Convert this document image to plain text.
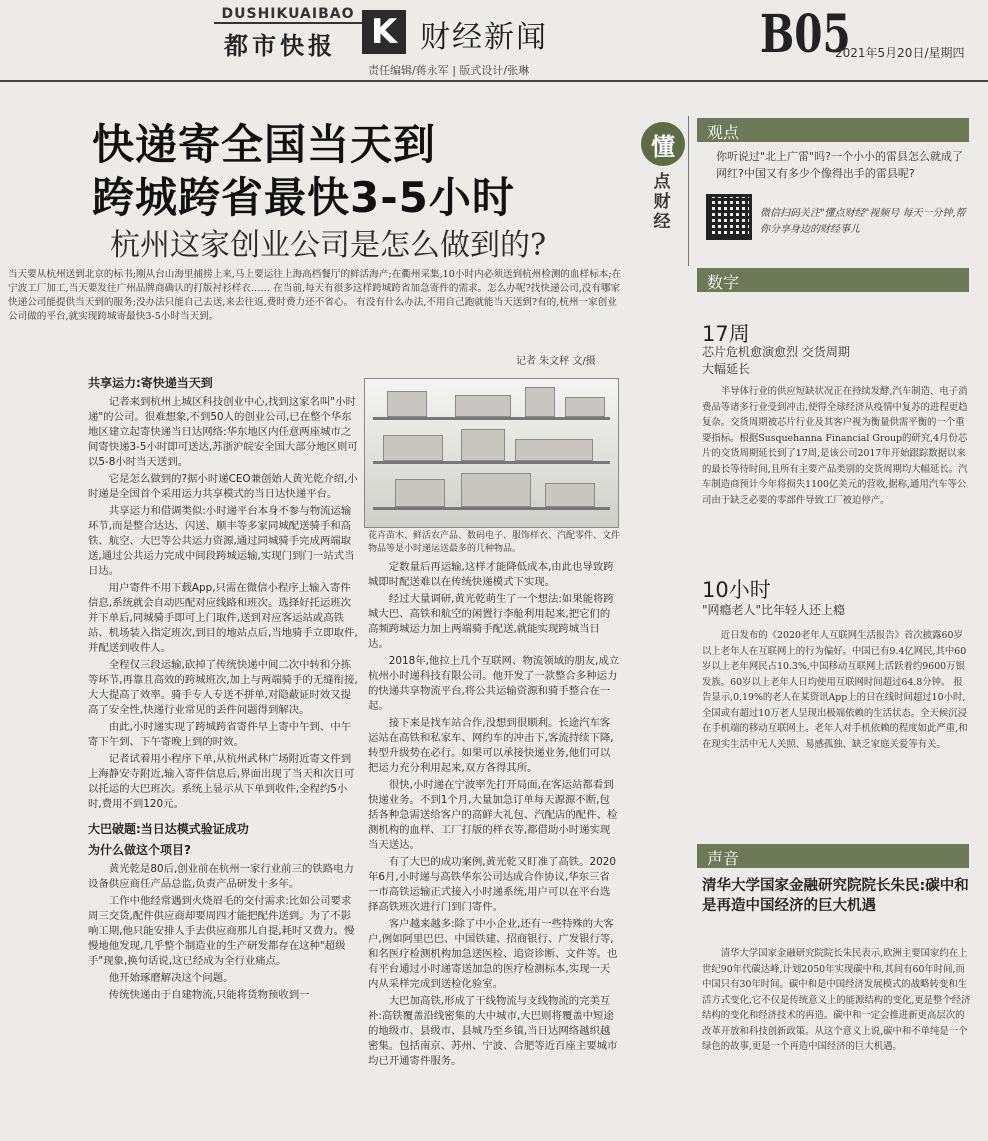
DUSHIKUAIBAO
都市快报 K 财经新闻	B05
2021年5月20日/星期四
责任编辑/蒋永军 | 版式设计/张琳
快递寄全国当天到
跨城跨省最快3-5小时
杭州这家创业公司是怎么做到的?
当天要从杭州送到北京的标书;刚从台山海里捕捞上来,马上要运往上海高档餐厅的鲜活海产;在衢州采集,10小时内必须送到杭州检测的血样标本;在宁波工厂加工,当天要发往广州品牌商确认的打版衬衫样衣…… 在当前,每天有很多这样跨城跨省加急寄件的需求。怎么办呢?找快递公司,没有哪家快递公司能提供当天到的服务;没办法只能自己去送,来去往返,费时费力还不省心。 有没有什么办法,不用自己跑就能当天送到?有的,杭州一家创业公司做的平台,就实现跨城寄最快3-5小时当天到。
记者 朱文秤 文/摄
共享运力:寄快递当天到

记者来到杭州上城区科技创业中心,找到这家名叫"小时递"的公司。很难想象,不到50人的创业公司,已在整个华东地区建立起寄快递当日达网络:华东地区内任意两座城市之间寄快递3-5小时即可送达,苏浙沪皖安全国大部分地区则可以5-8小时当天送到。

它是怎么做到的?据小时递CEO兼创始人黄光乾介绍,小时递是全国首个采用运力共享模式的当日达快递平台。

共享运力和借调类似:小时递平台本身不参与物流运输环节,而是整合达达、闪送、顺丰等多家同城配送骑手和高铁、航空、大巴等公共运力资源,通过同城骑手完成两端取送,通过公共运力完成中间段跨城运输,实现门到门一站式当日达。

用户寄件不用下载App,只需在微信小程序上输入寄件信息,系统就会自动匹配对应线路和班次。选择好托运班次并下单后,同城骑手即可上门取件,送到对应客运站或高铁站、机场装入指定班次,到目的地站点后,当地骑手立即取件,并配送到收件人。

全程仅三段运输,砍掉了传统快递中间二次中转和分拣等环节,再靠且高效的跨城班次,加上与两端骑手的无缝衔接,大大提高了效率。骑手专人专送不拼单,对隐蔽证时效又提高了安全性,快递行业常见的丢件问题得到解决。

由此,小时递实现了跨城跨省寄件早上寄中午到、中午寄下午到、下午寄晚上到的时效。

记者试着用小程序下单,从杭州武林广场附近寄文件到上海静安寺附近,输入寄件信息后,界面出现了当天和次日可以托运的大巴班次。系统上显示从下单到收件,全程约5小时,费用不到120元。

大巴破题:当日达模式验证成功
为什么做这个项目?

黄光乾是80后,创业前在杭州一家行业前三的铁路电力设备供应商任产品总监,负责产品研发十多年。

工作中他经常遇到火烧眉毛的交付需求:比如公司要求周三交货,配件供应商却要周四才能把配件送到。为了不影响工期,他只能安排人手去供应商那儿自提,耗时又费力。慢慢地他发现,几乎整个制造业的生产研发都存在这种"超级手"现象,换句话说,这已经成为全行业痛点。

他开始琢磨解决这个问题。

传统快递由于自建物流,只能将货物预收到一

花卉苗木、鲜活农产品、数码电子、服饰样衣、汽配零件、文件物品等是小时递运送最多的几种物品。

定数量后再运输,这样才能降低成本,由此也导致跨城即时配送难以在传统快递模式下实现。

经过大量调研,黄光乾萌生了一个想法:如果能将跨城大巴、高铁和航空的闲置行李舱利用起来,把它们的高频跨城运力加上两端骑手配送,就能实现跨城当日达。

2018年,他拉上几个互联网、物流领域的朋友,成立杭州小时递科技有限公司。他开发了一款整合多种运力的快递共享物流平台,将公共运输资源和骑手整合在一起。

接下来是找车站合作,没想到很顺利。长途汽车客运站在高铁和私家车、网约车的冲击下,客流持续下降,转型升级势在必行。如果可以承接快递业务,他们可以把运力充分利用起来,双方各得其所。

很快,小时递在宁波率先打开局面,在客运站都看到快递业务。不到1个月,大量加急订单每天源源不断,包括各种急需送给客户的高鲜大礼包、汽配店的配件、检测机构的血样、工厂打版的样衣等,都借助小时递实现当天送达。

有了大巴的成功案例,黄光乾又盯准了高铁。2020年6月,小时递与高铁华东公司达成合作协议,华东三省一市高铁运输正式接入小时递系统,用户可以在平台选择高铁班次进行门到门寄件。

客户越来越多:除了中小企业,还有一些特殊的大客户,例如阿里巴巴、中国铁建、招商银行、广发银行等,和名医疗检测机构加急送医检、追资诊断、文件等。也有平台通过小时递寄送加急的医疗检测标本,实现一天内从采样完成到送检化验室。

大巴加高铁,形成了干线物流与支线物流的完美互补:高铁覆盖沿线密集的大中城市,大巴则将覆盖中短途的地级市、县级市、县城乃至乡镇,当日达网络越织越密集。包括南京、苏州、宁波、合肥等近百座主要城市均已开通寄件服务。

懂
点财经
观点
你听说过"北上广雷"吗?一个小小的雷县怎么就成了网红?中国又有多少个像得出手的雷县呢?
微信扫码关注"懂点财经"视频号 每天一分钟,帮你分享身边的财经事儿
数字
17周
芯片危机愈演愈烈 交货周期大幅延长
半导体行业的供应短缺状况正在持续发酵,汽车制造、电子消费品等诸多行业受到冲击,使得全球经济从疫情中复苏的进程更趋复杂。交货周期被芯片行业及其客户视为衡量供需平衡的一个重要指标。根据Susquehanna Financial Group的研究,4月份芯片的交货周期延长到了17周,是该公司2017年开始跟踪数据以来的最长等待时间,且所有主要产品类别的交货周期均大幅延长。汽车制造商预计今年将损失1100亿美元的营收,据称,通用汽车等公司由于缺乏必要的零部件导致工厂被迫停产。
10小时
"网瘾老人"比年轻人还上瘾
近日发布的《2020老年人互联网生活报告》首次披露60岁以上老年人在互联网上的行为偏好。中国已有9.4亿网民,其中60岁以上老年网民占10.3%,中国移动互联网上活跃着约9600万银发族。60岁以上老年人日均使用互联网时间超过64.8分钟。 报告显示,0.19%的老人在某资讯App上的日在线时间超过10小时,全国或有超过10万老人呈现出极端依赖的生活状态。全天候沉浸在手机端的移动互联网上。老年人对手机依赖的程度如此严重,和在现实生活中无人关照、易感孤独、缺乏家庭关爱等有关。
声音
清华大学国家金融研究院院长朱民:碳中和是再造中国经济的巨大机遇
清华大学国家金融研究院院长朱民表示,欧洲主要国家约在上世纪90年代碳达峰,计划2050年实现碳中和,其间有60年时间,而中国只有30年时间。碳中和是中国经济发展模式的战略转变和生活方式变化,它不仅是传统意义上的能源结构的变化,更是整个经济结构的变化和经济技术的再造。碳中和一定会推进新更高层次的改革开放和科技创新政策。从这个意义上说,碳中和不单纯是一个绿色的故事,更是一个再造中国经济的巨大机遇。
